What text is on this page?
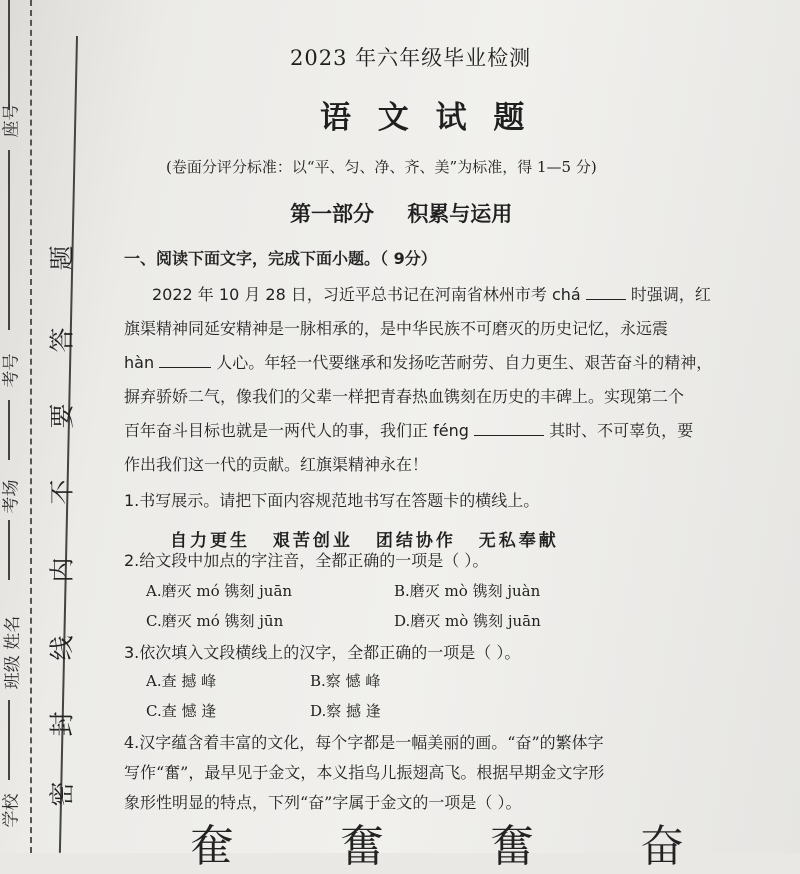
座号
考号
考场
班级 姓名
学校
题
答
要
不
内
线
封
密
2023 年六年级毕业检测
语 文 试 题
(卷面分评分标准：以“平、匀、净、齐、美”为标准，得 1—5 分)
第一部分 积累与运用
一、阅读下面文字，完成下面小题。（ 9分）
2022 年 10 月 28 日，习近平总书记在河南省林州市考 chá	时强调，红
旗渠精神同延安精神是一脉相承的，是中华民族不可磨灭的历史记忆，永远震
hàn	人心。年轻一代要继承和发扬吃苦耐劳、自力更生、艰苦奋斗的精神，
摒弃骄娇二气，像我们的父辈一样把青春热血镌刻在历史的丰碑上。实现第二个
百年奋斗目标也就是一两代人的事，我们正 féng	其时、不可辜负，要
作出我们这一代的贡献。红旗渠精神永在！
1.书写展示。请把下面内容规范地书写在答题卡的横线上。
自力更生 艰苦创业 团结协作 无私奉献
2.给文段中加点的字注音，全都正确的一项是（ ）。
A.磨灭 mó 镌刻 juān	B.磨灭 mò 镌刻 juàn
C.磨灭 mó 镌刻 jūn	D.磨灭 mò 镌刻 juān
3.依次填入文段横线上的汉字，全都正确的一项是（ ）。
A.查 撼 峰	B.察 憾 峰
C.查 憾 逢	D.察 撼 逢
4.汉字蕴含着丰富的文化，每个字都是一幅美丽的画。“奋”的繁体字
写作“奮”，最早见于金文，本义指鸟儿振翅高飞。根据早期金文字形
象形性明显的特点，下列“奋”字属于金文的一项是（ ）。
奞 奮 奮 奋
